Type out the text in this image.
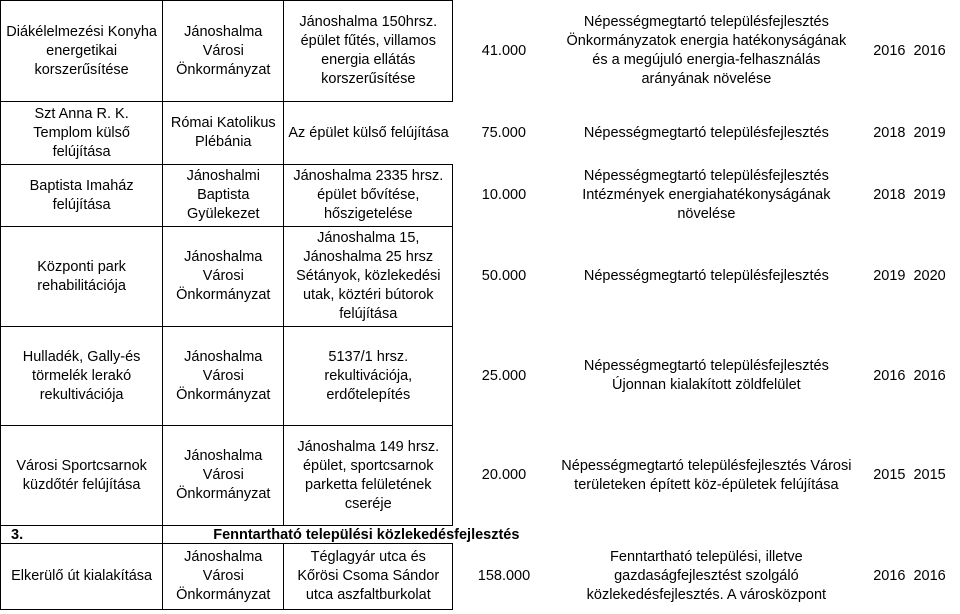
Diákélelmezési Konyha energetikai korszerűsítése	Jánoshalma Városi Önkormányzat	Jánoshalma 150hrsz. épület fűtés, villamos energia ellátás korszerűsítése	41.000	Népességmegtartó településfejlesztés Önkormányzatok energia hatékonyságának és a megújuló energia-felhasználás arányának növelése	2016	2016
Szt Anna R. K. Templom külső felújítása	Római Katolikus Plébánia	Az épület külső felújítása	75.000	Népességmegtartó településfejlesztés	2018	2019
Baptista Imaház felújítása	Jánoshalmi Baptista Gyülekezet	Jánoshalma 2335 hrsz. épület bővítése, hőszigetelése	10.000	Népességmegtartó településfejlesztés Intézmények energiahatékonyságának növelése	2018	2019
Központi park rehabilitációja	Jánoshalma Városi Önkormányzat	Jánoshalma 15, Jánoshalma 25 hrsz Sétányok, közlekedési utak, köztéri bútorok felújítása	50.000	Népességmegtartó településfejlesztés	2019	2020
Hulladék, Gally-és törmelék lerakó rekultivációja	Jánoshalma Városi Önkormányzat	5137/1 hrsz. rekultivációja, erdőtelepítés	25.000	Népességmegtartó településfejlesztés Újonnan kialakított zöldfelület	2016	2016
Városi Sportcsarnok küzdőtér felújítása	Jánoshalma Városi Önkormányzat	Jánoshalma 149 hrsz. épület, sportcsarnok parketta felületének cseréje	20.000	Népességmegtartó településfejlesztés Városi területeken épített köz-épületek felújítása	2015	2015
3.	Fenntartható települési közlekedésfejlesztés					
Elkerülő út kialakítása	Jánoshalma Városi Önkormányzat	Téglagyár utca és Kőrösi Csoma Sándor utca aszfaltburkolat	158.000	Fenntartható települési, illetve gazdaságfejlesztést szolgáló közlekedésfejlesztés. A városközpont	2016	2016
